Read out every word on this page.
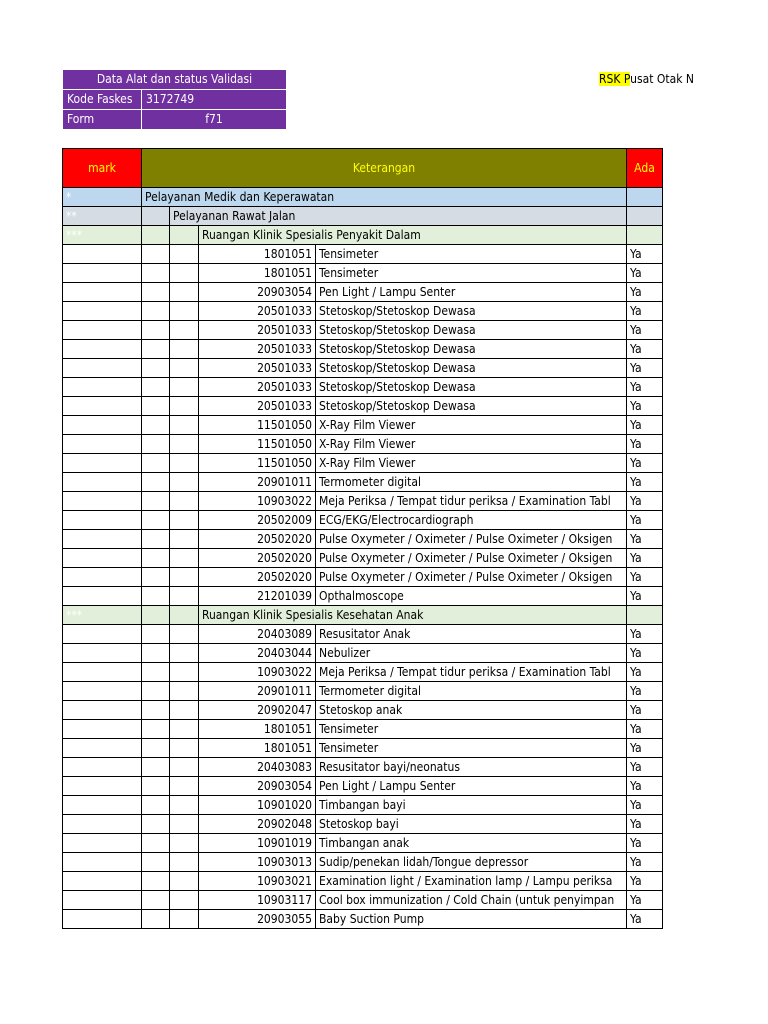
Data Alat dan status Validasi	
Kode Faskes	3172749
Form	f71
RSK Pusat Otak N
mark	Keterangan				Ada
*	Pelayanan Medik dan Keperawatan				
**		Pelayanan Rawat Jalan			
***			Ruangan Klinik Spesialis Penyakit Dalam		
			1801051	Tensimeter	Ya
			1801051	Tensimeter	Ya
			20903054	Pen Light / Lampu Senter	Ya
			20501033	Stetoskop/Stetoskop Dewasa	Ya
			20501033	Stetoskop/Stetoskop Dewasa	Ya
			20501033	Stetoskop/Stetoskop Dewasa	Ya
			20501033	Stetoskop/Stetoskop Dewasa	Ya
			20501033	Stetoskop/Stetoskop Dewasa	Ya
			20501033	Stetoskop/Stetoskop Dewasa	Ya
			11501050	X-Ray Film Viewer	Ya
			11501050	X-Ray Film Viewer	Ya
			11501050	X-Ray Film Viewer	Ya
			20901011	Termometer digital	Ya
			10903022	Meja Periksa / Tempat tidur periksa / Examination Tabl	Ya
			20502009	ECG/EKG/Electrocardiograph	Ya
			20502020	Pulse Oxymeter / Oximeter / Pulse Oximeter / Oksigen	Ya
			20502020	Pulse Oxymeter / Oximeter / Pulse Oximeter / Oksigen	Ya
			20502020	Pulse Oxymeter / Oximeter / Pulse Oximeter / Oksigen	Ya
			21201039	Opthalmoscope	Ya
***			Ruangan Klinik Spesialis Kesehatan Anak		
			20403089	Resusitator Anak	Ya
			20403044	Nebulizer	Ya
			10903022	Meja Periksa / Tempat tidur periksa / Examination Tabl	Ya
			20901011	Termometer digital	Ya
			20902047	Stetoskop anak	Ya
			1801051	Tensimeter	Ya
			1801051	Tensimeter	Ya
			20403083	Resusitator bayi/neonatus	Ya
			20903054	Pen Light / Lampu Senter	Ya
			10901020	Timbangan bayi	Ya
			20902048	Stetoskop bayi	Ya
			10901019	Timbangan anak	Ya
			10903013	Sudip/penekan lidah/Tongue depressor	Ya
			10903021	Examination light / Examination lamp / Lampu periksa	Ya
			10903117	Cool box immunization / Cold Chain (untuk penyimpan	Ya
			20903055	Baby Suction Pump	Ya
